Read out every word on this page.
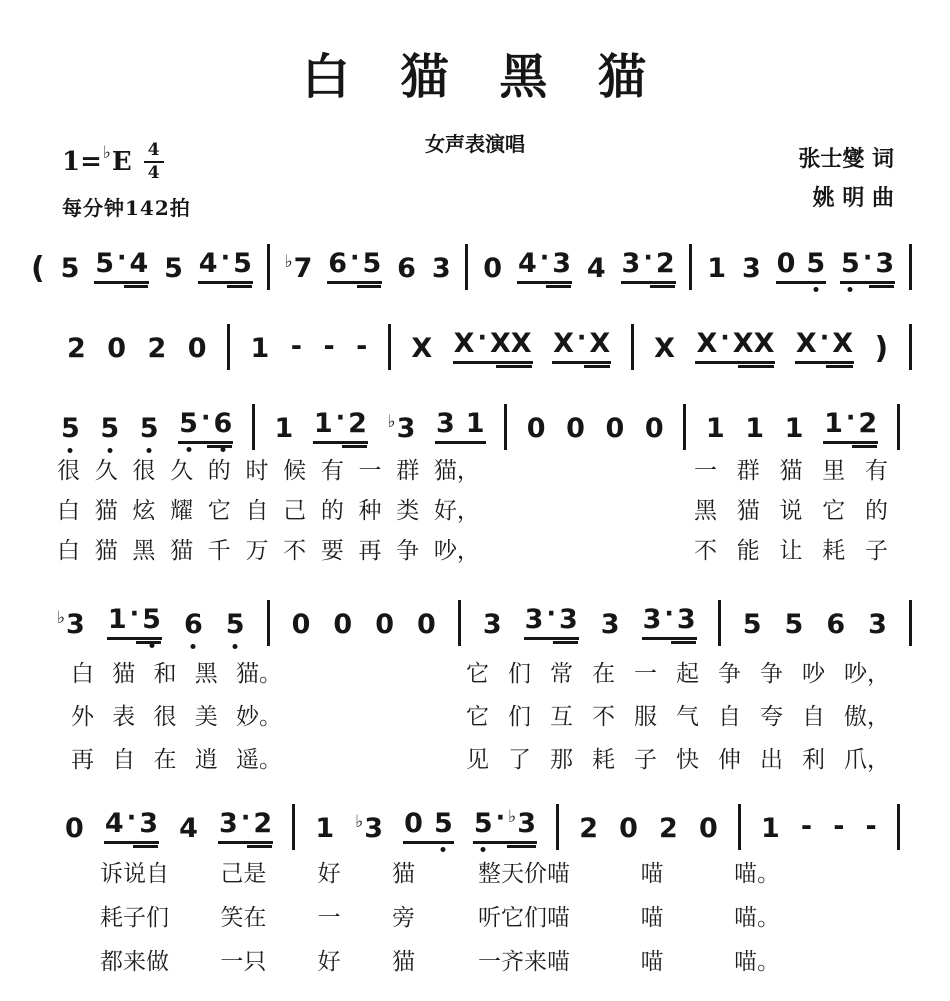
白 猫 黑 猫
女声表演唱
1= ♭ E $\frac{4}{4}$
每分钟142拍
张士燮 词
姚 明 曲
( 5 5 · 4 5 4 · 5 ♭ 7 6 · 5 6 3 0 4 · 3 4 3 · 2 1 3 0
5 5 · 3
2 0 2 0 1 - - - X X · X X X · X X X · X X X · X )
5 5 5 5 · 6 1 1 · 2 ♭ 3 3
1 0 0 0 0 1 1 1 1 · 2
♭ 3 1 · 5 6 5 0 0 0 0 3 3 · 3 3 3 · 3 5 5 6 3
0 4 · 3 4 3 · 2 1 ♭ 3 0
5 5 · ♭ 3 2 0 2 0 1 - - -
很 久 很 久 的 时 候 有 一 群 猫，	一 群 猫 里 有
白 猫 炫 耀 它 自 己 的 种 类 好，	黑 猫 说 它 的
白 猫 黑 猫 千 万 不 要 再 争 吵，	不 能 让 耗 子
白 猫 和 黑 猫。	它 们 常 在 一 起 争 争 吵 吵，
外 表 很 美 妙。	它 们 互 不 服 气 自 夸 自 傲，
再 自 在 逍 遥。	见 了 那 耗 子 快 伸 出 利 爪，
诉说自 己是 好 猫	整天价喵	喵	喵。
耗子们 笑在 一 旁	听它们喵	喵	喵。
都来做 一只 好 猫	一齐来喵	喵	喵。
